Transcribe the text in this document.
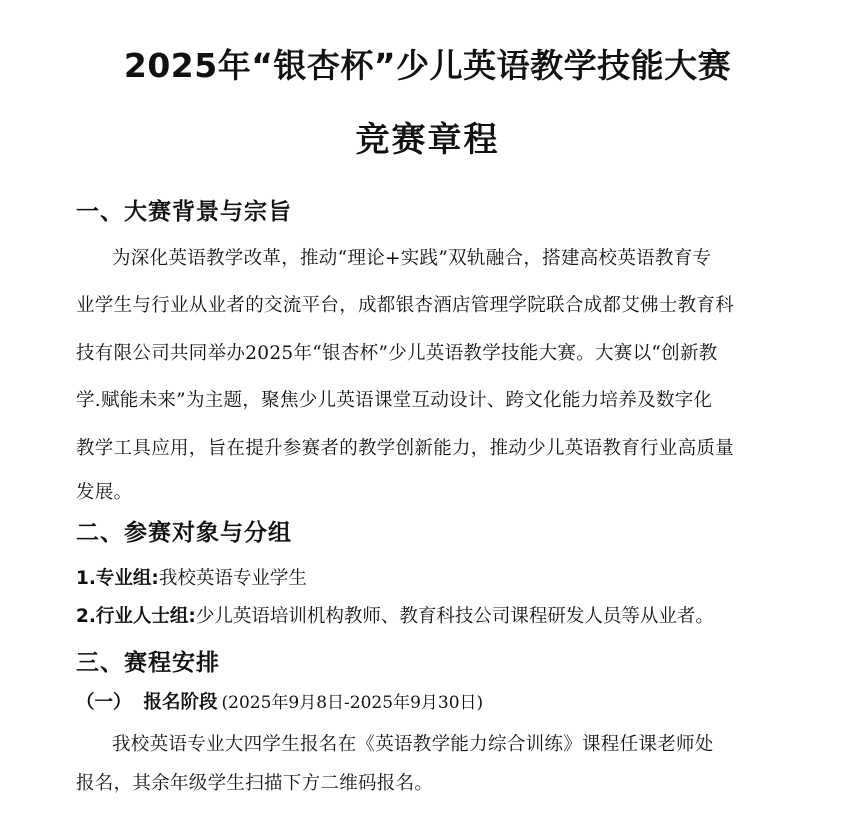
2025年“银杏杯”少儿英语教学技能大赛
竞赛章程
一、大赛背景与宗旨
为深化英语教学改革，推动“理论+实践”双轨融合，搭建高校英语教育专
业学生与行业从业者的交流平台，成都银杏酒店管理学院联合成都艾佛士教育科
技有限公司共同举办2025年“银杏杯”少儿英语教学技能大赛。大赛以“创新教
学.赋能未来”为主题，聚焦少儿英语课堂互动设计、跨文化能力培养及数字化
教学工具应用，旨在提升参赛者的教学创新能力，推动少儿英语教育行业高质量
发展。
二、参赛对象与分组
1.专业组:我校英语专业学生
2.行业人士组:少儿英语培训机构教师、教育科技公司课程研发人员等从业者。
三、赛程安排
（一） 报名阶段 (2025年9月8日-2025年9月30日)
我校英语专业大四学生报名在《英语教学能力综合训练》课程任课老师处
报名，其余年级学生扫描下方二维码报名。
